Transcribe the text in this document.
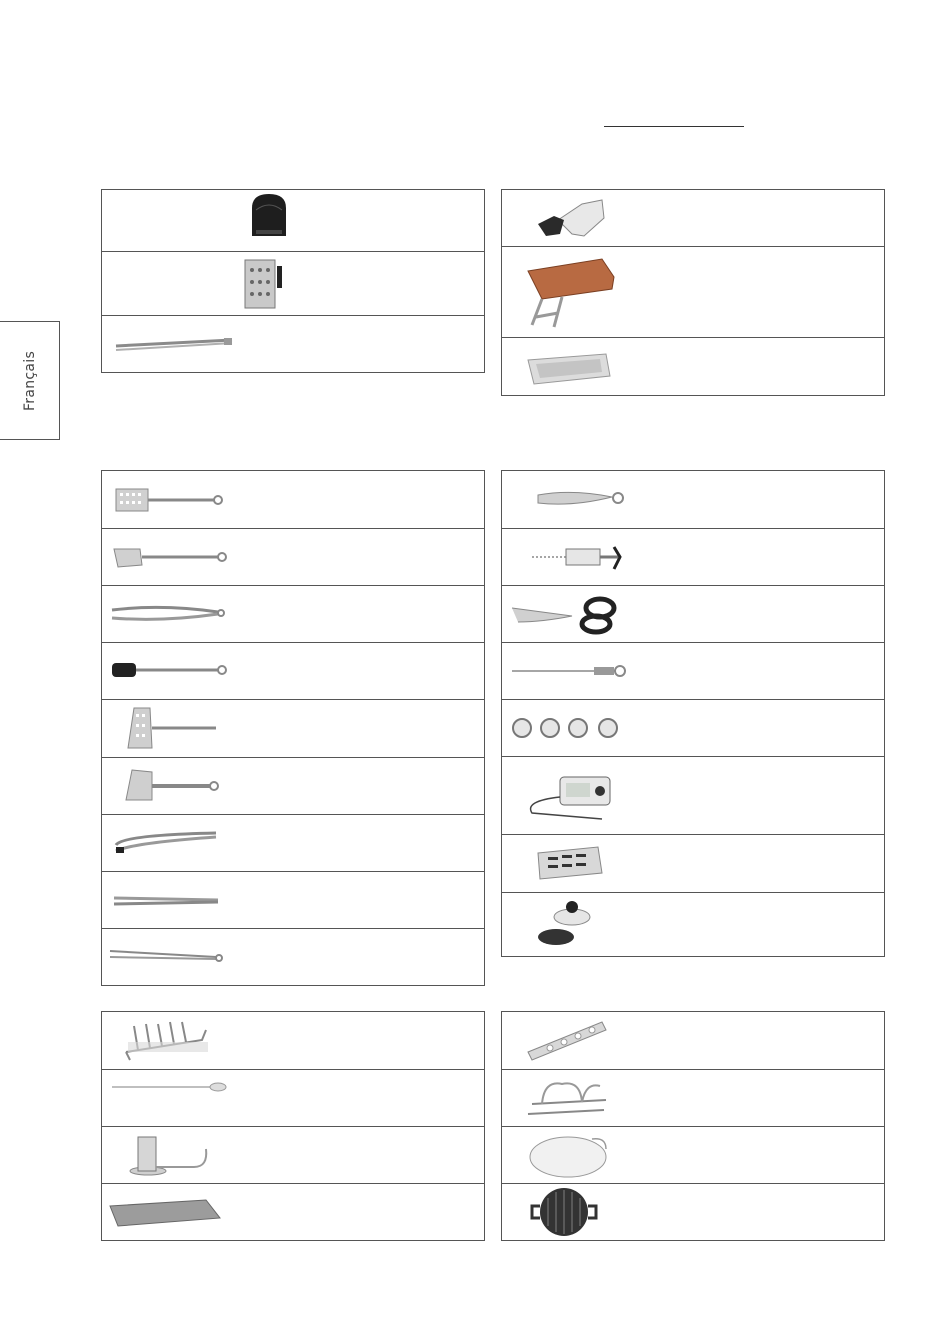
Français
